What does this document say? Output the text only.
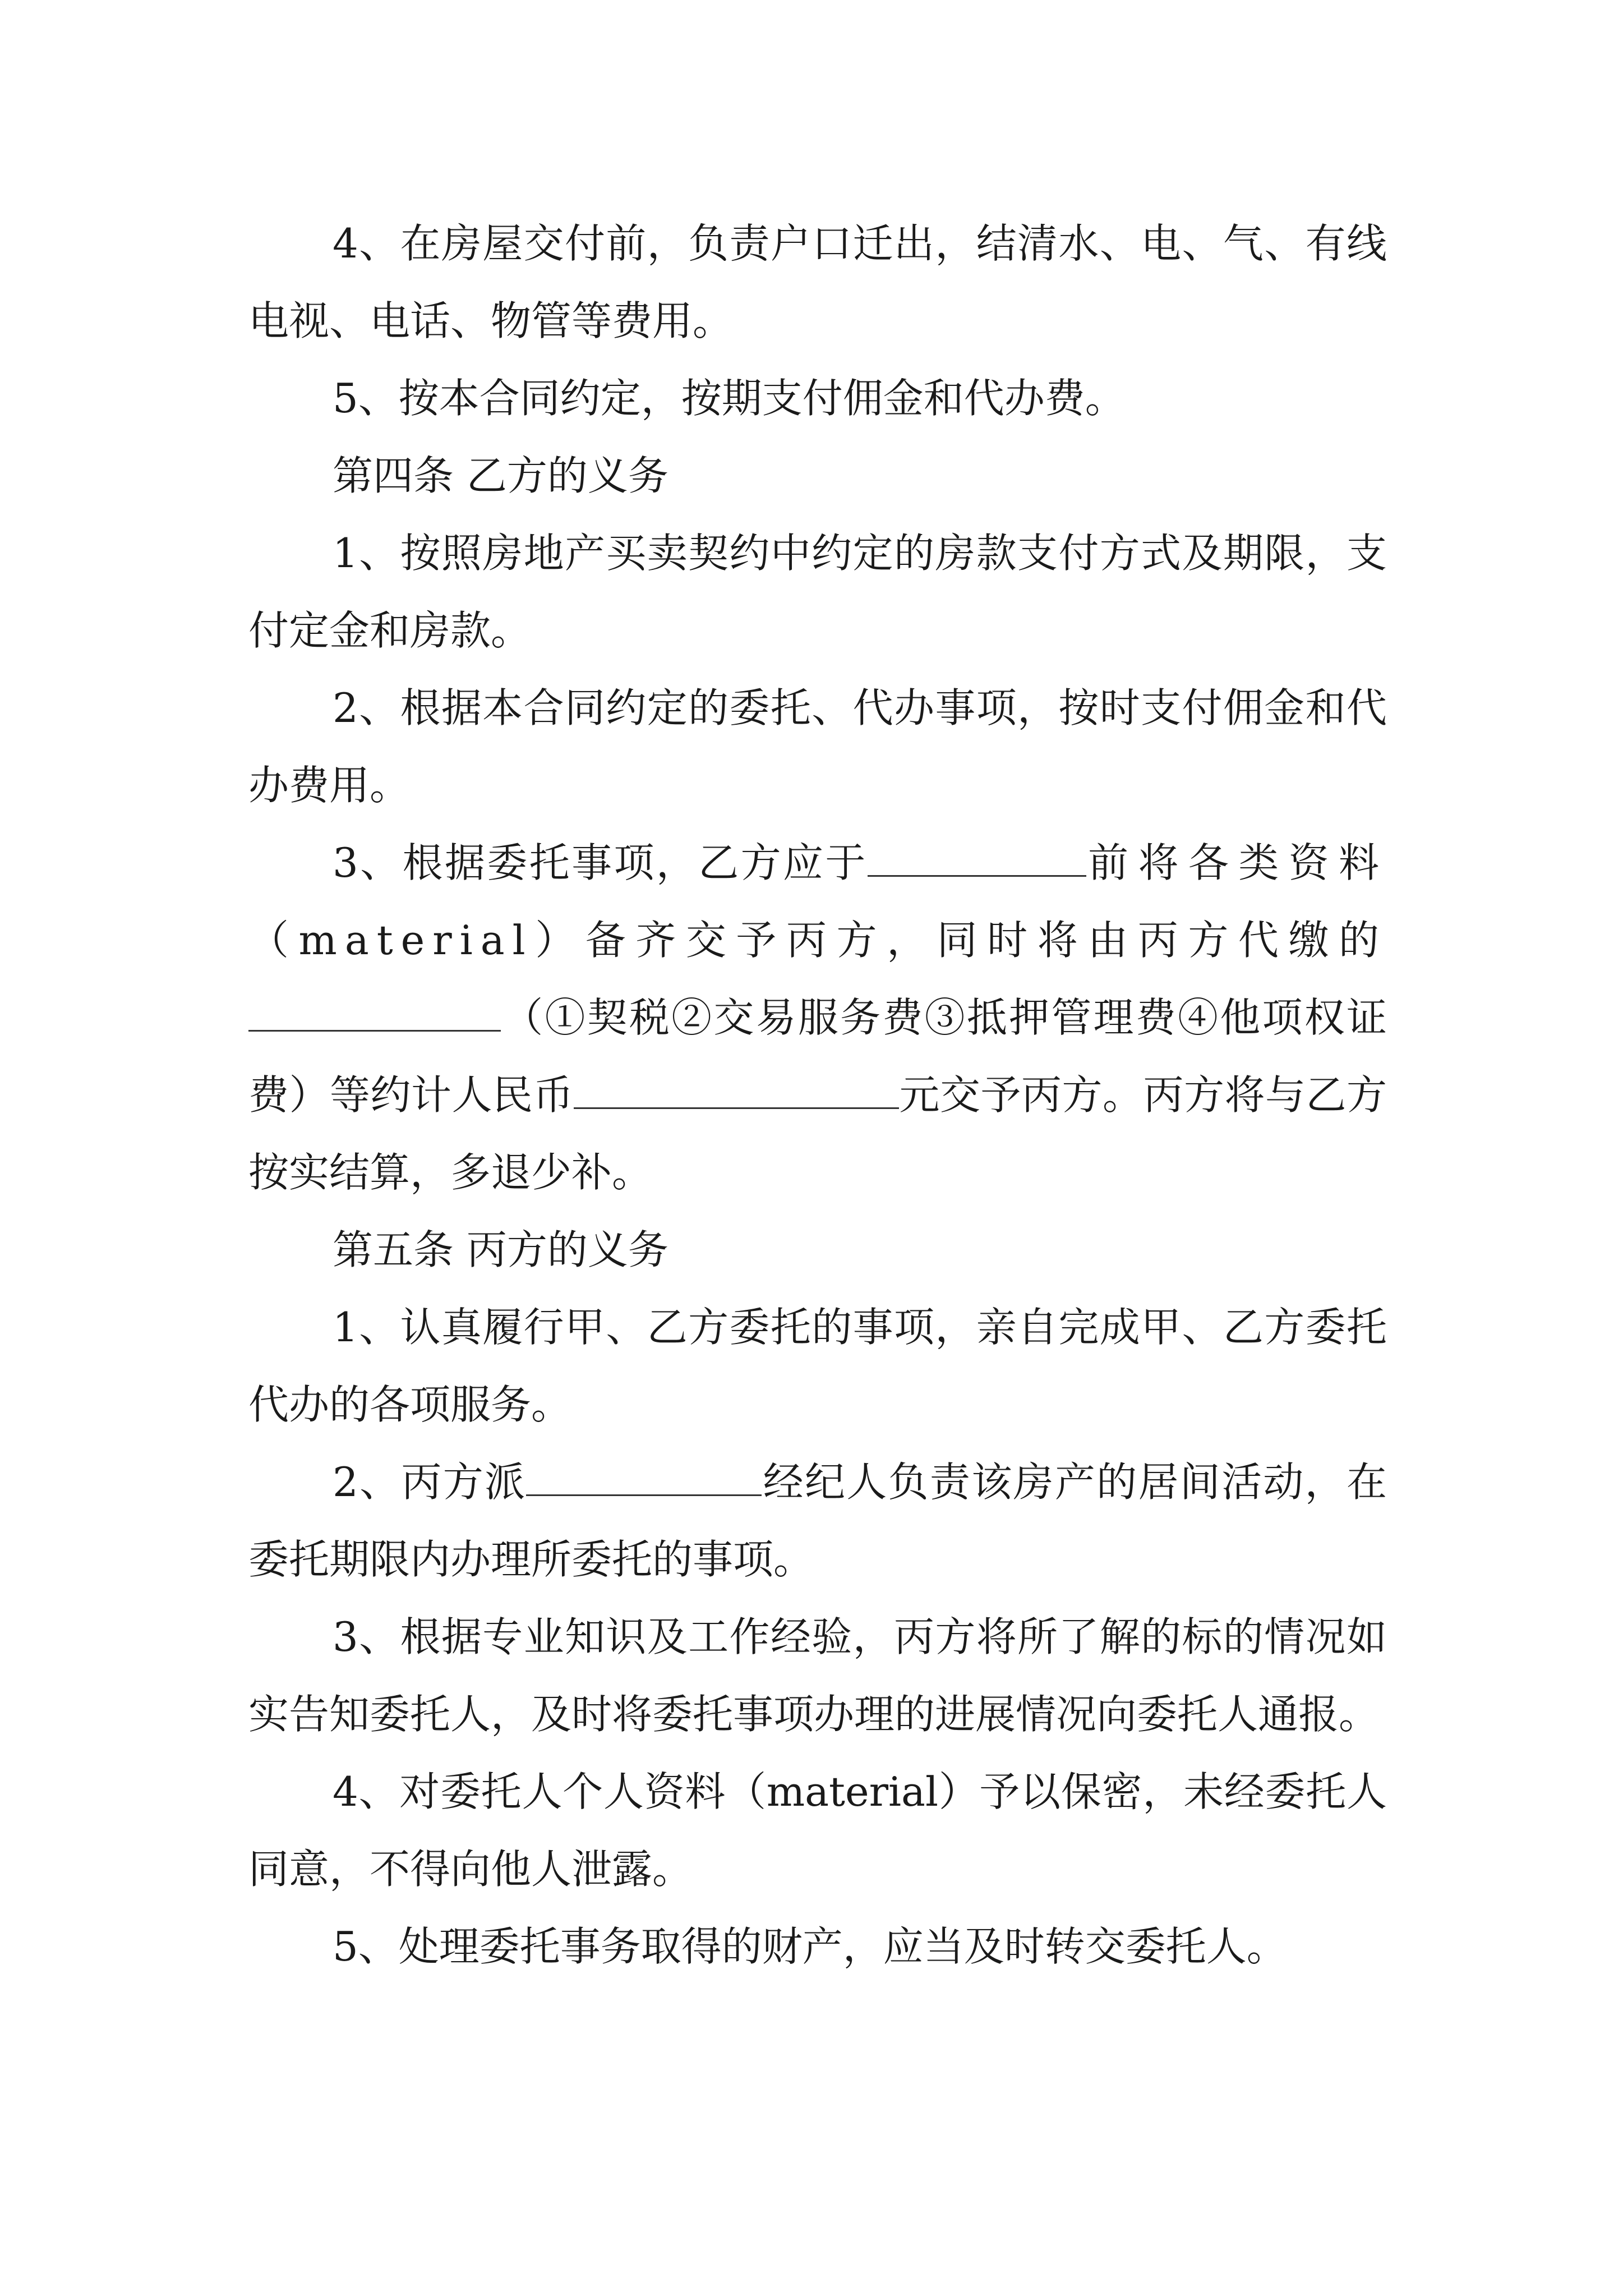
4、在房屋交付前，负责户口迁出，结清水、电、气、有线电视、电话、物管等费用。

5、按本合同约定，按期支付佣金和代办费。

第四条 乙方的义务

1、按照房地产买卖契约中约定的房款支付方式及期限，支付定金和房款。

2、根据本合同约定的委托、代办事项，按时支付佣金和代办费用。

3、根据委托事项，乙方应于	前将各类资料（material）备齐交予丙方，同时将由丙方代缴的（①契税②交易服务费③抵押管理费④他项权证费）等约计人民币	元交予丙方。丙方将与乙方按实结算，多退少补。

第五条 丙方的义务

1、认真履行甲、乙方委托的事项，亲自完成甲、乙方委托代办的各项服务。

2、丙方派	经纪人负责该房产的居间活动，在委托期限内办理所委托的事项。

3、根据专业知识及工作经验，丙方将所了解的标的情况如实告知委托人，及时将委托事项办理的进展情况向委托人通报。

4、对委托人个人资料（material）予以保密，未经委托人同意，不得向他人泄露。

5、处理委托事务取得的财产，应当及时转交委托人。
